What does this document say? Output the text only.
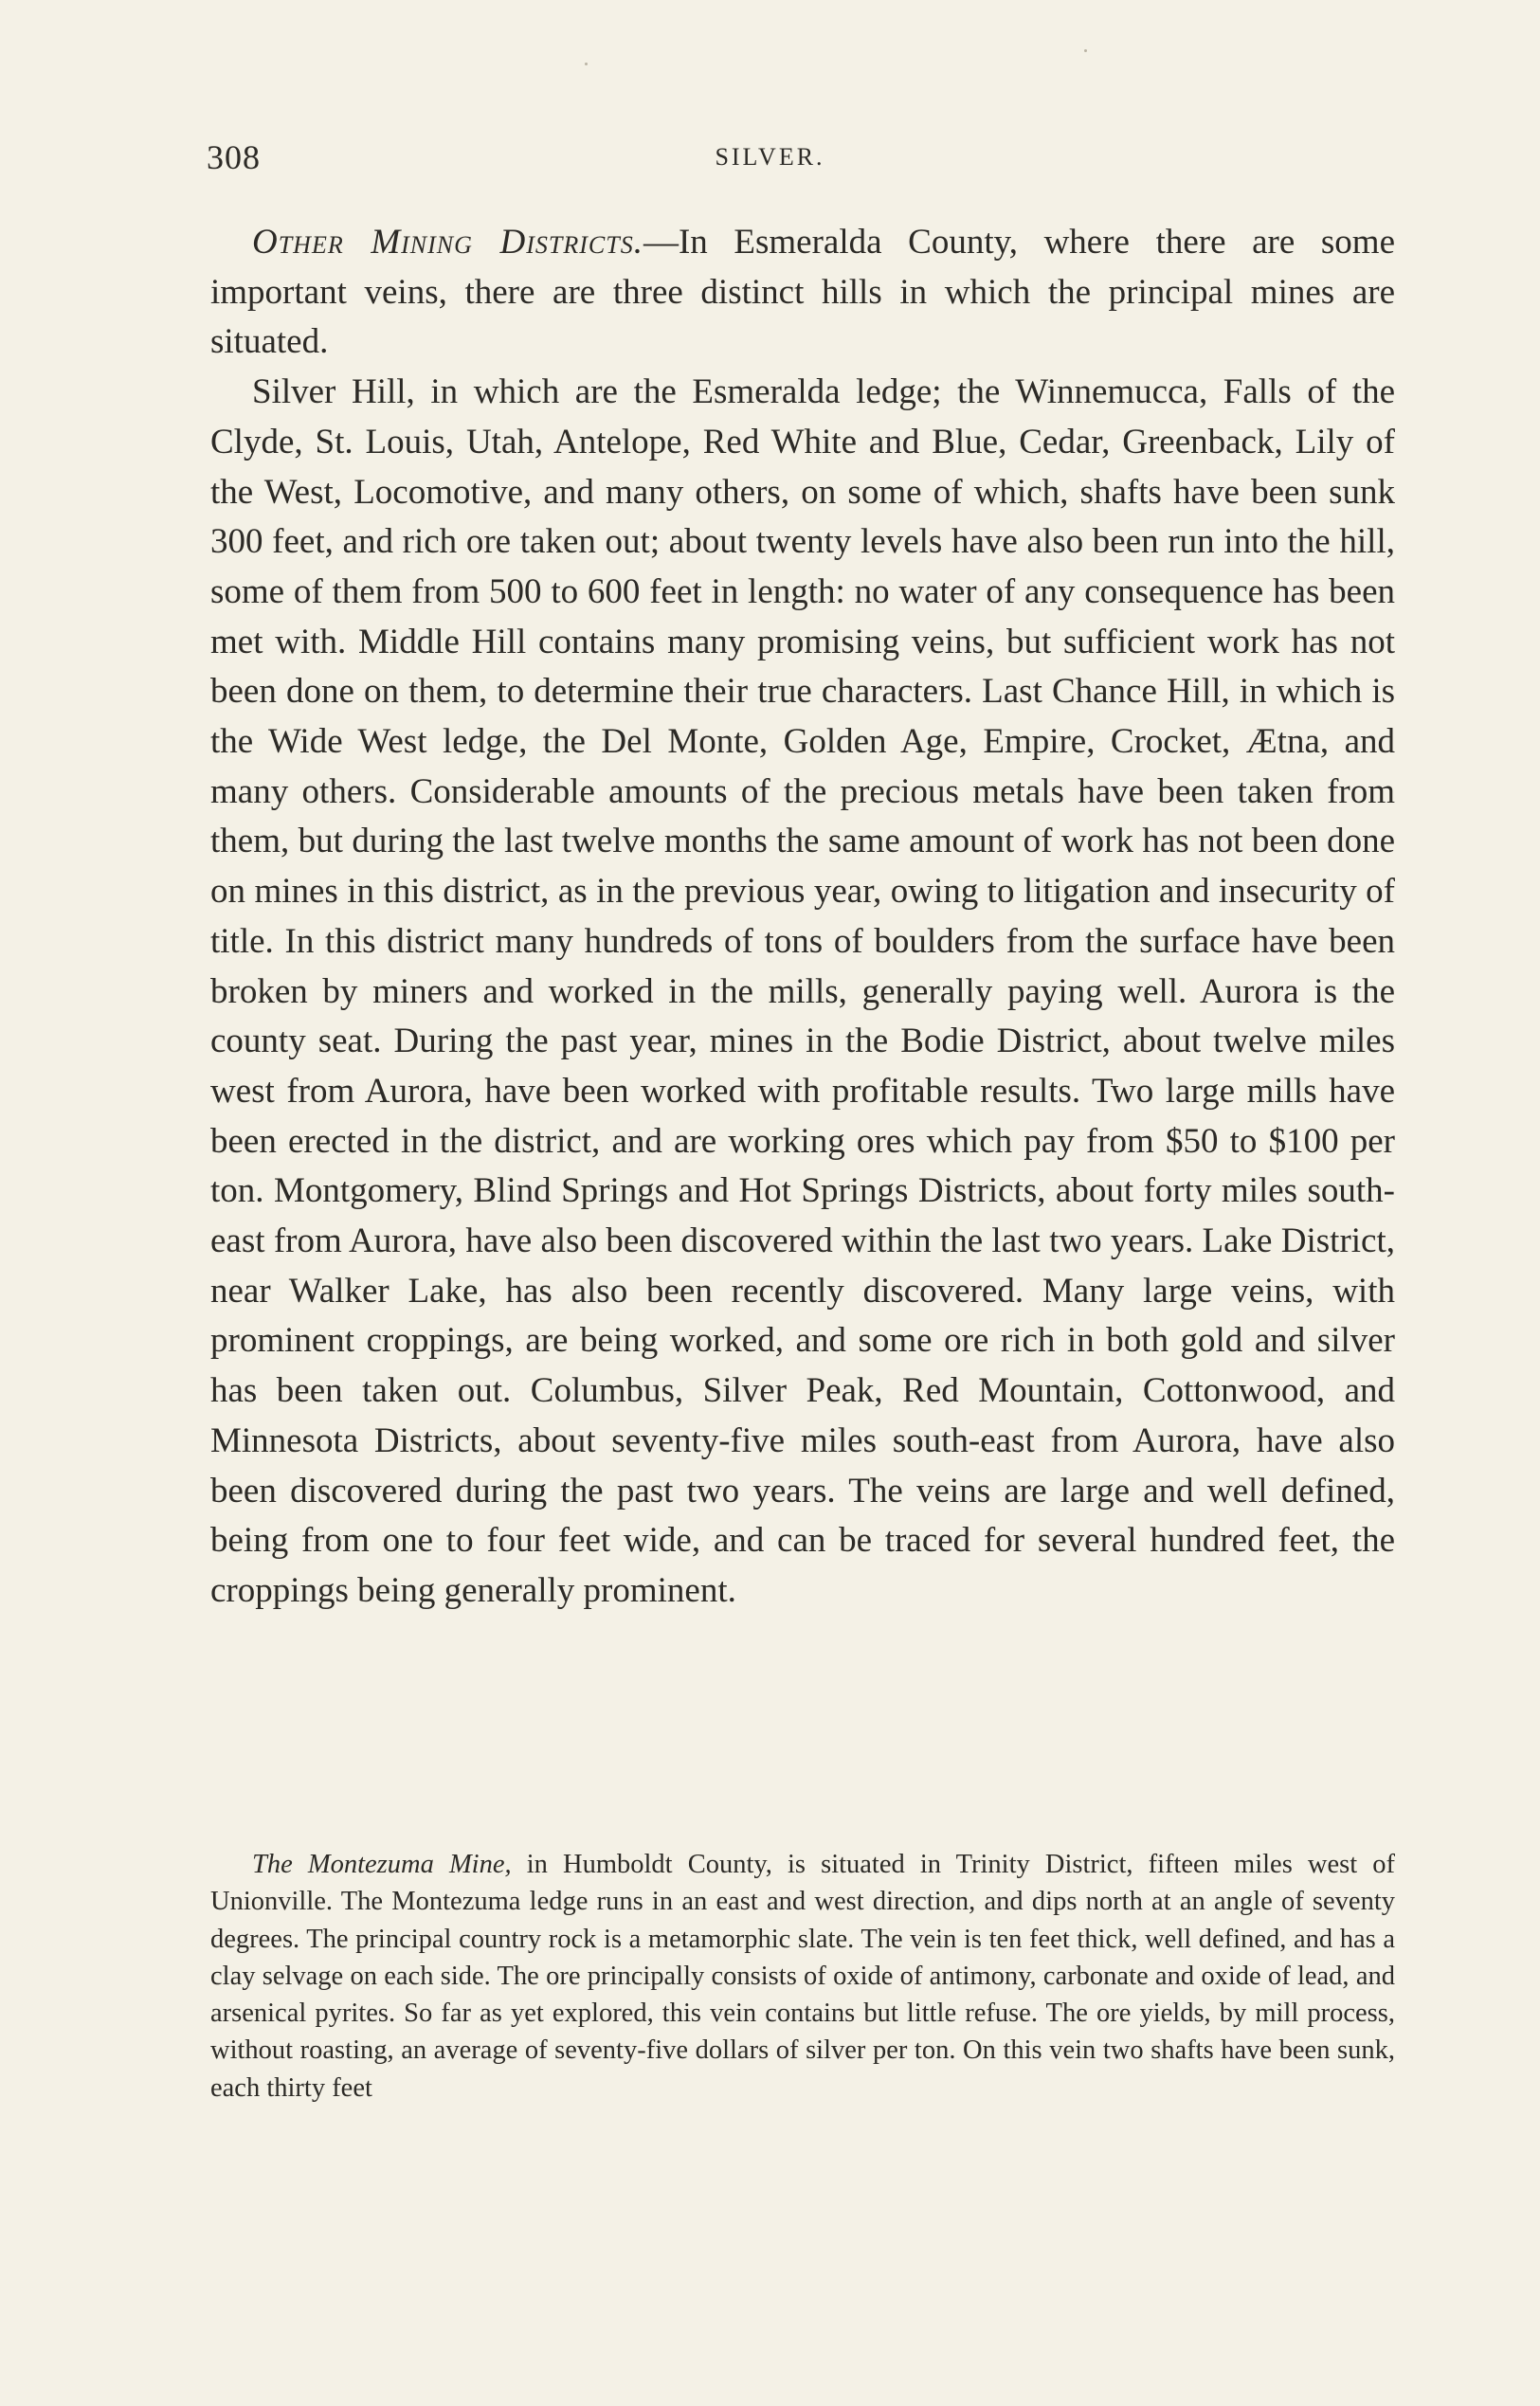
308	SILVER.

Other Mining Districts.—In Esmeralda County, where there are some important veins, there are three distinct hills in which the principal mines are situated.

Silver Hill, in which are the Esmeralda ledge; the Winnemucca, Falls of the Clyde, St. Louis, Utah, Antelope, Red White and Blue, Cedar, Greenback, Lily of the West, Locomotive, and many others, on some of which, shafts have been sunk 300 feet, and rich ore taken out; about twenty levels have also been run into the hill, some of them from 500 to 600 feet in length: no water of any consequence has been met with. Middle Hill contains many promising veins, but sufficient work has not been done on them, to determine their true characters. Last Chance Hill, in which is the Wide West ledge, the Del Monte, Golden Age, Empire, Crocket, Ætna, and many others. Considerable amounts of the precious metals have been taken from them, but during the last twelve months the same amount of work has not been done on mines in this district, as in the previous year, owing to litigation and insecurity of title. In this district many hundreds of tons of boulders from the surface have been broken by miners and worked in the mills, generally paying well. Aurora is the county seat. During the past year, mines in the Bodie District, about twelve miles west from Aurora, have been worked with profitable results. Two large mills have been erected in the district, and are working ores which pay from $50 to $100 per ton. Montgomery, Blind Springs and Hot Springs Districts, about forty miles south-east from Aurora, have also been discovered within the last two years. Lake District, near Walker Lake, has also been recently discovered. Many large veins, with prominent croppings, are being worked, and some ore rich in both gold and silver has been taken out. Columbus, Silver Peak, Red Mountain, Cottonwood, and Minnesota Districts, about seventy-five miles south-east from Aurora, have also been discovered during the past two years. The veins are large and well defined, being from one to four feet wide, and can be traced for several hundred feet, the croppings being generally prominent.

The Montezuma Mine, in Humboldt County, is situated in Trinity District, fifteen miles west of Unionville. The Montezuma ledge runs in an east and west direction, and dips north at an angle of seventy degrees. The principal country rock is a metamorphic slate. The vein is ten feet thick, well defined, and has a clay selvage on each side. The ore principally consists of oxide of antimony, carbonate and oxide of lead, and arsenical pyrites. So far as yet explored, this vein contains but little refuse. The ore yields, by mill process, without roasting, an average of seventy-five dollars of silver per ton. On this vein two shafts have been sunk, each thirty feet
